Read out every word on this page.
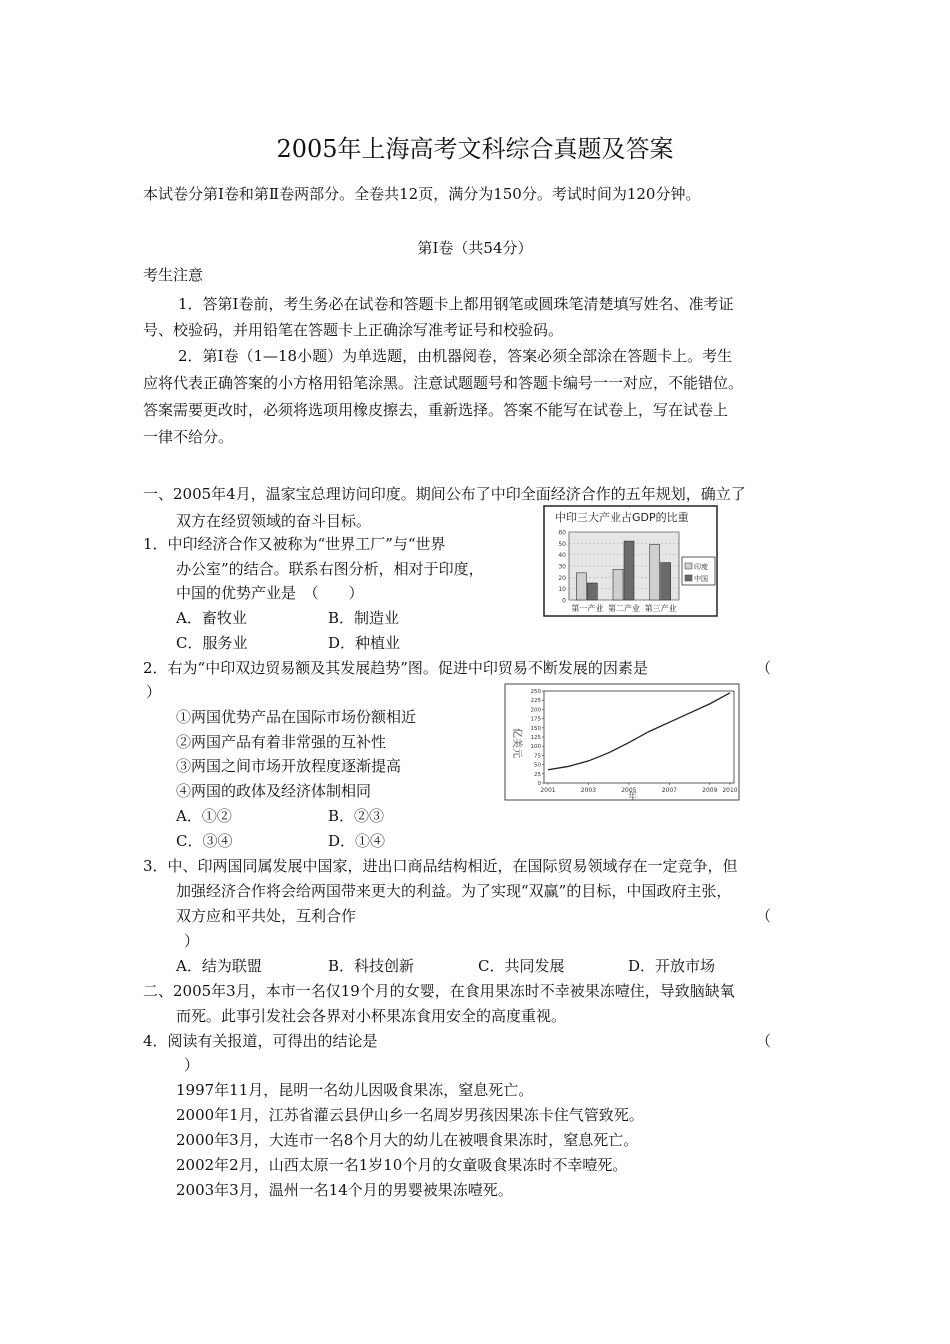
2005年上海高考文科综合真题及答案
本试卷分第Ⅰ卷和第Ⅱ卷两部分。全卷共12页，满分为150分。考试时间为120分钟。
第Ⅰ卷（共54分）
考生注意
1．答第Ⅰ卷前，考生务必在试卷和答题卡上都用钢笔或圆珠笔清楚填写姓名、准考证
号、校验码，并用铅笔在答题卡上正确涂写准考证号和校验码。
2．第Ⅰ卷（1—18小题）为单选题，由机器阅卷，答案必须全部涂在答题卡上。考生
应将代表正确答案的小方格用铅笔涂黑。注意试题题号和答题卡编号一一对应，不能错位。
答案需要更改时，必须将选项用橡皮擦去，重新选择。答案不能写在试卷上，写在试卷上
一律不给分。
一、2005年4月，温家宝总理访问印度。期间公布了中印全面经济合作的五年规划，确立了
双方在经贸领域的奋斗目标。
1．中印经济合作又被称为“世界工厂”与“世界
办公室”的结合。联系右图分析，相对于印度，
中国的优势产业是　（　　）
A．畜牧业	B．制造业
C．服务业	D．种植业
中印三大产业占GDP的比重
0
10
20
30
40
50
60
第一产业 第二产业 第三产业
印度
中国
2．右为“中印双边贸易额及其发展趋势”图。促进中印贸易不断发展的因素是	（
）
①两国优势产品在国际市场份额相近
②两国产品有着非常强的互补性
③两国之间市场开放程度逐渐提高
④两国的政体及经济体制相同
A．①②	B．②③
C．③④	D．①④
亿美元
0
25
50
75
100
125
150
175
200
225
250
2001	2003	2005	2007	2009 2010
年
3．中、印两国同属发展中国家，进出口商品结构相近，在国际贸易领域存在一定竞争，但
加强经济合作将会给两国带来更大的利益。为了实现“双赢”的目标，中国政府主张，
双方应和平共处，互利合作	（
）
A．结为联盟	B．科技创新	C．共同发展	D．开放市场
二、2005年3月，本市一名仅19个月的女婴，在食用果冻时不幸被果冻噎住，导致脑缺氧
而死。此事引发社会各界对小杯果冻食用安全的高度重视。
4．阅读有关报道，可得出的结论是	（
）
1997年11月，昆明一名幼儿因吸食果冻，窒息死亡。
2000年1月，江苏省灌云县伊山乡一名周岁男孩因果冻卡住气管致死。
2000年3月，大连市一名8个月大的幼儿在被喂食果冻时，窒息死亡。
2002年2月，山西太原一名1岁10个月的女童吸食果冻时不幸噎死。
2003年3月，温州一名14个月的男婴被果冻噎死。
